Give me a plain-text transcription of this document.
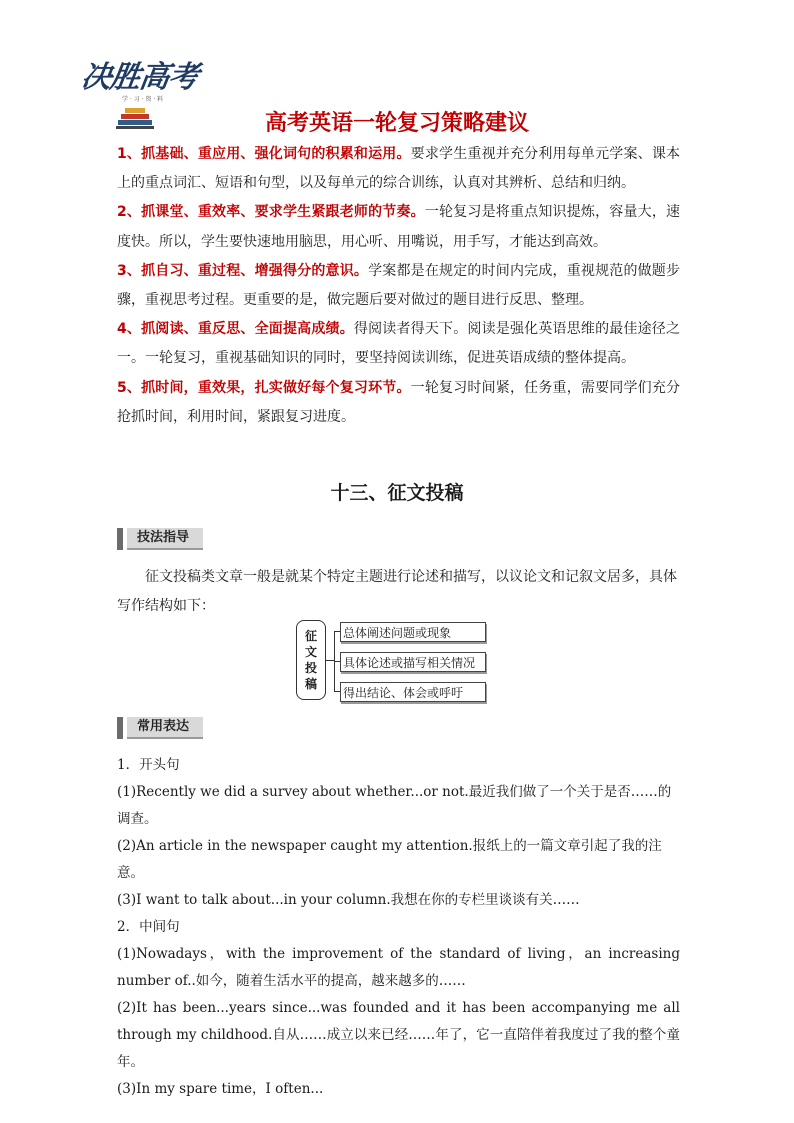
决胜高考
学 · 习 · 资 · 料
高考英语一轮复习策略建议

1、抓基础、重应用、强化词句的积累和运用。要求学生重视并充分利用每单元学案、课本上的重点词汇、短语和句型，以及每单元的综合训练，认真对其辨析、总结和归纳。

2、抓课堂、重效率、要求学生紧跟老师的节奏。一轮复习是将重点知识提炼，容量大，速度快。所以，学生要快速地用脑思，用心听、用嘴说，用手写，才能达到高效。

3、抓自习、重过程、增强得分的意识。学案都是在规定的时间内完成，重视规范的做题步骤，重视思考过程。更重要的是，做完题后要对做过的题目进行反思、整理。

4、抓阅读、重反思、全面提高成绩。得阅读者得天下。阅读是强化英语思维的最佳途径之一。一轮复习，重视基础知识的同时，要坚持阅读训练，促进英语成绩的整体提高。

5、抓时间，重效果，扎实做好每个复习环节。一轮复习时间紧，任务重，需要同学们充分抢抓时间，利用时间，紧跟复习进度。

十三、征文投稿
技法指导

征文投稿类文章一般是就某个特定主题进行论述和描写，以议论文和记叙文居多，具体写作结构如下：

征
文
投
稿
总体阐述问题或现象
具体论述或描写相关情况
得出结论、体会或呼吁
常用表达

1．开头句

(1)Recently we did a survey about whether...or not.最近我们做了一个关于是否……的调查。

(2)An article in the newspaper caught my attention.报纸上的一篇文章引起了我的注意。

(3)I want to talk about...in your column.我想在你的专栏里谈谈有关……

2．中间句

(1)Nowadays，with the improvement of the standard of living，an increasing number of..如今，随着生活水平的提高，越来越多的……

(2)It has been...years since...was founded and it has been accompanying me all through my childhood.自从……成立以来已经……年了，它一直陪伴着我度过了我的整个童年。

(3)In my spare time，I often...
